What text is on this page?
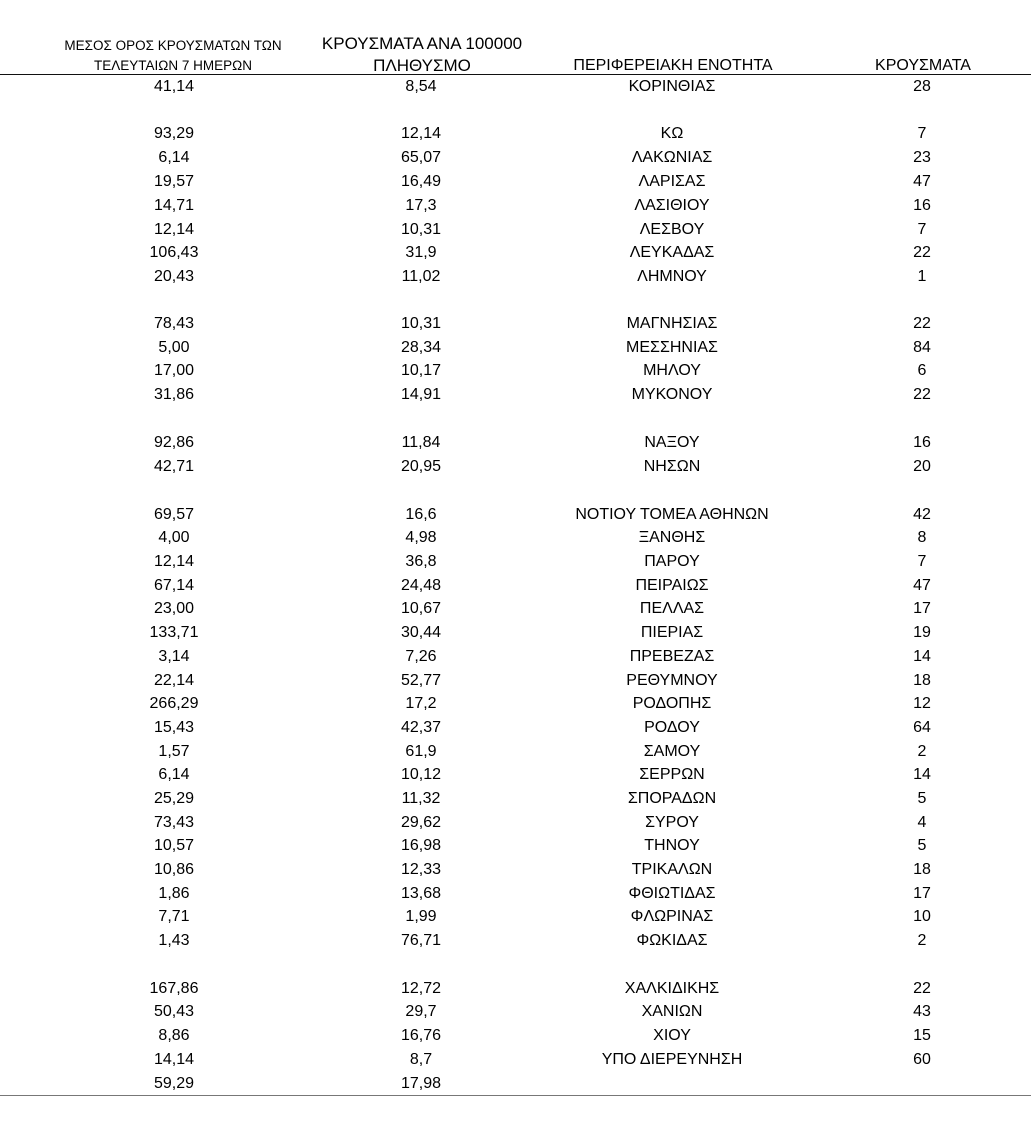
ΜΕΣΟΣ ΟΡΟΣ ΚΡΟΥΣΜΑΤΩΝ ΤΩΝ
ΤΕΛΕΥΤΑΙΩΝ 7 ΗΜΕΡΩΝ
ΚΡΟΥΣΜΑΤΑ ΑΝΑ 100000
ΠΛΗΘΥΣΜΟ	ΠΕΡΙΦΕΡΕΙΑΚΗ ΕΝΟΤΗΤΑ	ΚΡΟΥΣΜΑΤΑ
41,14	8,54	ΚΟΡΙΝΘΙΑΣ	28
93,29	12,14	ΚΩ	7
6,14	65,07	ΛΑΚΩΝΙΑΣ	23
19,57	16,49	ΛΑΡΙΣΑΣ	47
14,71	17,3	ΛΑΣΙΘΙΟΥ	16
12,14	10,31	ΛΕΣΒΟΥ	7
106,43	31,9	ΛΕΥΚΑΔΑΣ	22
20,43	11,02	ΛΗΜΝΟΥ	1
78,43	10,31	ΜΑΓΝΗΣΙΑΣ	22
5,00	28,34	ΜΕΣΣΗΝΙΑΣ	84
17,00	10,17	ΜΗΛΟΥ	6
31,86	14,91	ΜΥΚΟΝΟΥ	22
92,86	11,84	ΝΑΞΟΥ	16
42,71	20,95	ΝΗΣΩΝ	20
69,57	16,6	ΝΟΤΙΟΥ ΤΟΜΕΑ ΑΘΗΝΩΝ	42
4,00	4,98	ΞΑΝΘΗΣ	8
12,14	36,8	ΠΑΡΟΥ	7
67,14	24,48	ΠΕΙΡΑΙΩΣ	47
23,00	10,67	ΠΕΛΛΑΣ	17
133,71	30,44	ΠΙΕΡΙΑΣ	19
3,14	7,26	ΠΡΕΒΕΖΑΣ	14
22,14	52,77	ΡΕΘΥΜΝΟΥ	18
266,29	17,2	ΡΟΔΟΠΗΣ	12
15,43	42,37	ΡΟΔΟΥ	64
1,57	61,9	ΣΑΜΟΥ	2
6,14	10,12	ΣΕΡΡΩΝ	14
25,29	11,32	ΣΠΟΡΑΔΩΝ	5
73,43	29,62	ΣΥΡΟΥ	4
10,57	16,98	ΤΗΝΟΥ	5
10,86	12,33	ΤΡΙΚΑΛΩΝ	18
1,86	13,68	ΦΘΙΩΤΙΔΑΣ	17
7,71	1,99	ΦΛΩΡΙΝΑΣ	10
1,43	76,71	ΦΩΚΙΔΑΣ	2
167,86	12,72	ΧΑΛΚΙΔΙΚΗΣ	22
50,43	29,7	ΧΑΝΙΩΝ	43
8,86	16,76	ΧΙΟΥ	15
14,14	8,7	ΥΠΟ ΔΙΕΡΕΥΝΗΣΗ	60
59,29	17,98
